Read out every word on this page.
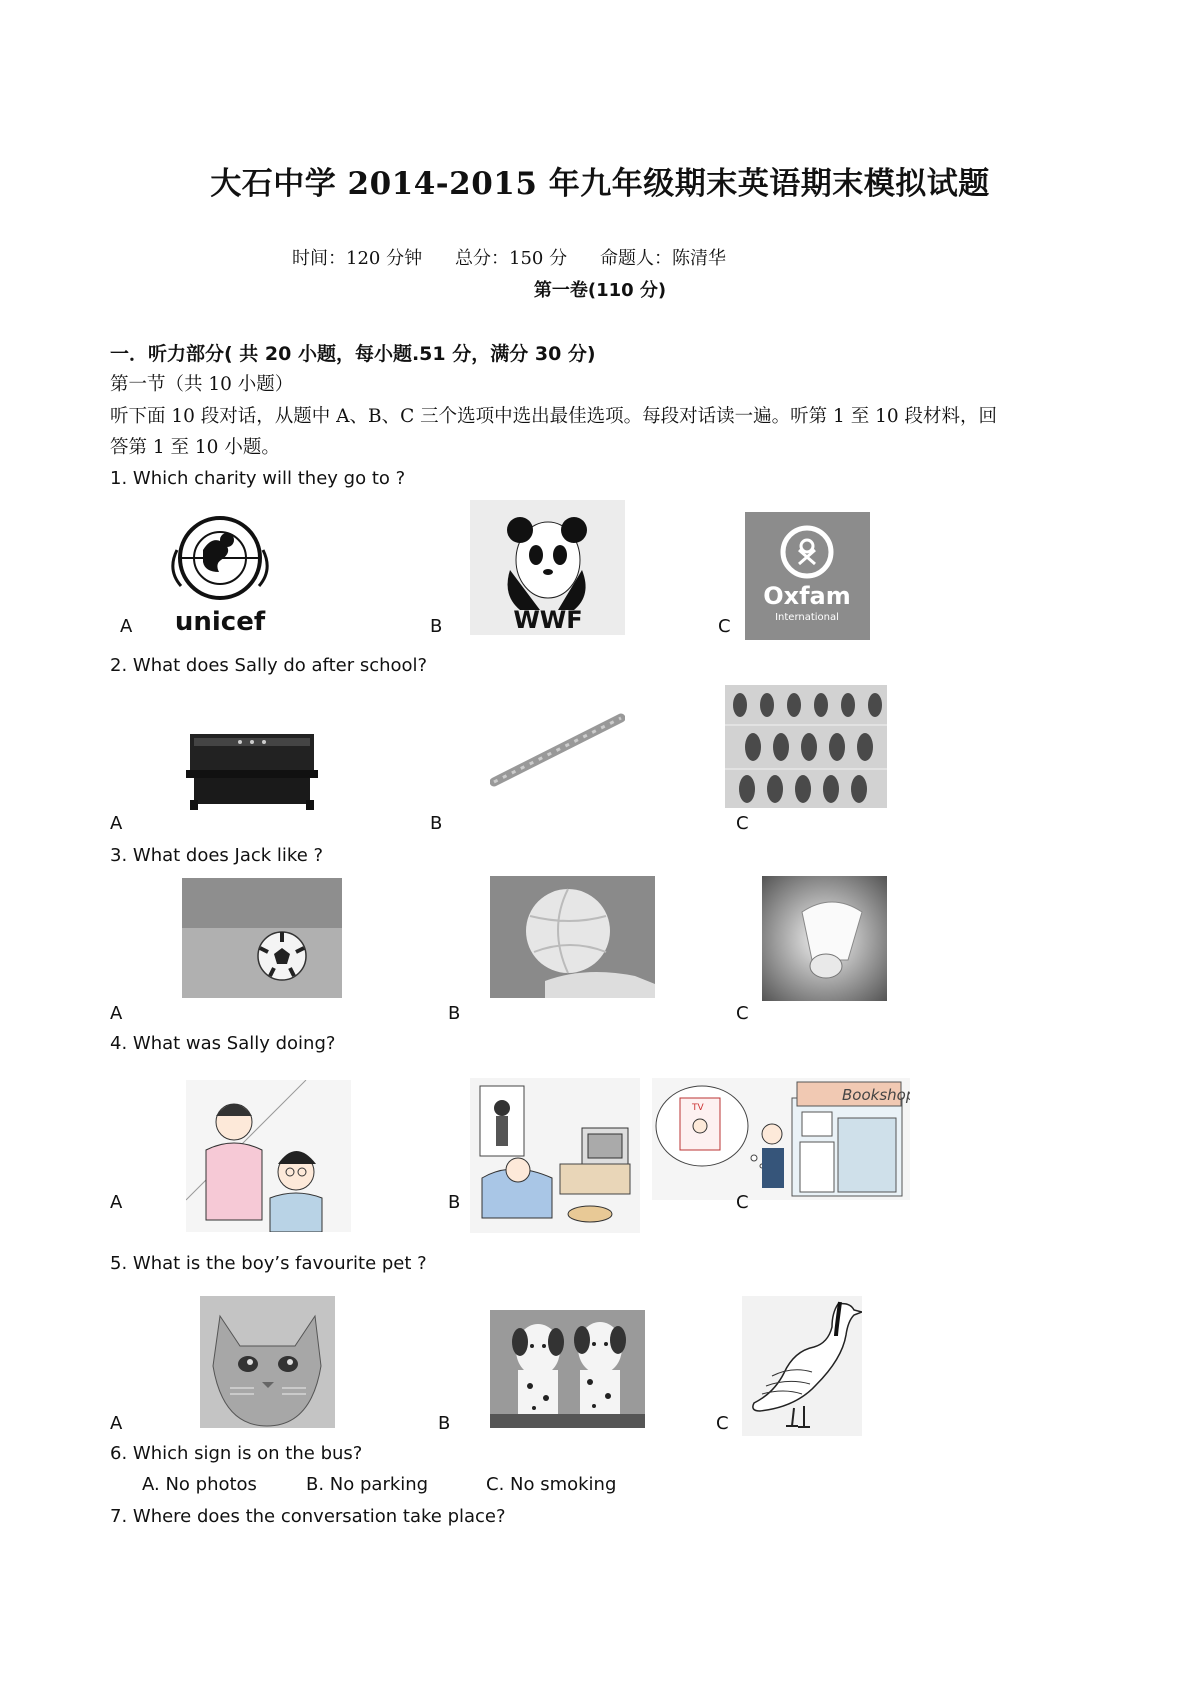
大石中学 2014-2015 年九年级期末英语期末模拟试题
时间：120 分钟 总分：150 分 命题人：陈清华
第一卷(110 分)
一．听力部分( 共 20 小题，每小题.51 分，满分 30 分)
第一节（共 10 小题）
听下面 10 段对话，从题中 A、B、C 三个选项中选出最佳选项。每段对话读一遍。听第 1 至 10 段材料，回
答第 1 至 10 小题。
1. Which charity will they go to ?
unicef	WWF
Oxfam
International
A	B	C
2. What does Sally do after school?
A	B	C
3. What does Jack like ?
A	B	C
4. What was Sally doing?
TV
Bookshop
A	B	C
5. What is the boy’s favourite pet ?
A	B	C
6. Which sign is on the bus?
A. No photos	B. No parking	C. No smoking
7. Where does the conversation take place?
